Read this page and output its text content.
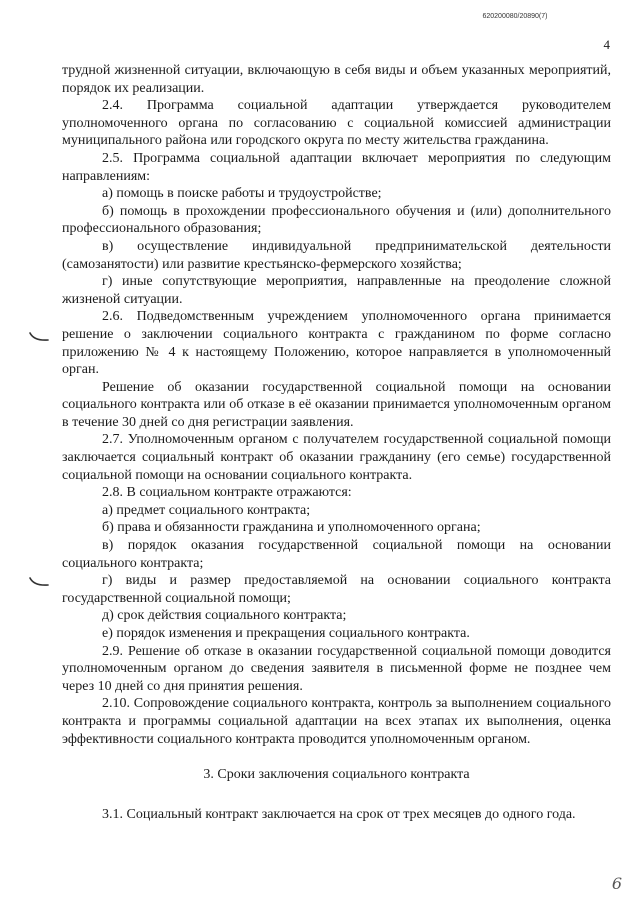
620200080/20890(7)
4

трудной жизненной ситуации, включающую в себя виды и объем указанных мероприятий, порядок их реализации.

2.4. Программа социальной адаптации утверждается руководителем уполномоченного органа по согласованию с социальной комиссией администрации муниципального района или городского округа по месту жительства гражданина.

2.5. Программа социальной адаптации включает мероприятия по следующим направлениям:

а) помощь в поиске работы и трудоустройстве;

б) помощь в прохождении профессионального обучения и (или) дополнительного профессионального образования;

в) осуществление индивидуальной предпринимательской деятельности (самозанятости) или развитие крестьянско-фермерского хозяйства;

г) иные сопутствующие мероприятия, направленные на преодоление сложной жизненой ситуации.

2.6. Подведомственным учреждением уполномоченного органа принимается решение о заключении социального контракта с гражданином по форме согласно приложению № 4 к настоящему Положению, которое направляется в уполномоченный орган.

Решение об оказании государственной социальной помощи на основании социального контракта или об отказе в её оказании принимается уполномоченным органом в течение 30 дней со дня регистрации заявления.

2.7. Уполномоченным органом с получателем государственной социальной помощи заключается социальный контракт об оказании гражданину (его семье) государственной социальной помощи на основании социального контракта.

2.8. В социальном контракте отражаются:

а) предмет социального контракта;

б) права и обязанности гражданина и уполномоченного органа;

в) порядок оказания государственной социальной помощи на основании социального контракта;

г) виды и размер предоставляемой на основании социального контракта государственной социальной помощи;

д) срок действия социального контракта;

е) порядок изменения и прекращения социального контракта.

2.9. Решение об отказе в оказании государственной социальной помощи доводится уполномоченным органом до сведения заявителя в письменной форме не позднее чем через 10 дней со дня принятия решения.

2.10. Сопровождение социального контракта, контроль за выполнением социального контракта и программы социальной адаптации на всех этапах их выполнения, оценка эффективности социального контракта проводится уполномоченным органом.

3. Сроки заключения социального контракта

3.1. Социальный контракт заключается на срок от трех месяцев до одного года.

6
